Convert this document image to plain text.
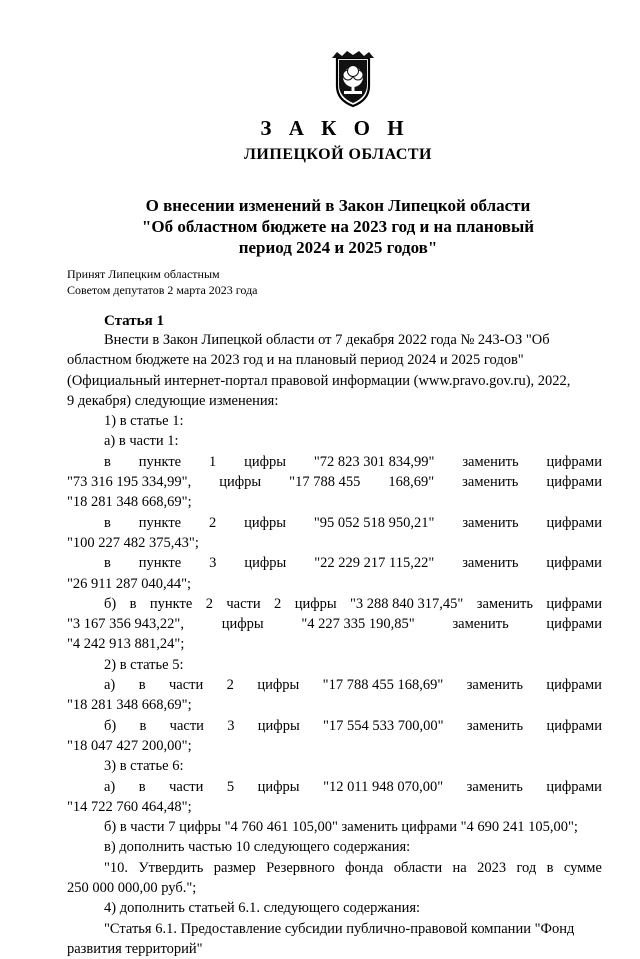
З А К О Н
ЛИПЕЦКОЙ ОБЛАСТИ
О внесении изменений в Закон Липецкой области
"Об областном бюджете на 2023 год и на плановый
период 2024 и 2025 годов"
Принят Липецким областным
Советом депутатов 2 марта 2023 года
Статья 1
Внести в Закон Липецкой области от 7 декабря 2022 года № 243-ОЗ "Об
областном бюджете на 2023 год и на плановый период 2024 и 2025 годов"
(Официальный интернет-портал правовой информации (www.pravo.gov.ru), 2022,
9 декабря) следующие изменения:
1) в статье 1:
а) в части 1:
в пункте 1 цифры "72 823 301 834,99" заменить цифрами
"73 316 195 334,99", цифры "17 788 455 168,69" заменить цифрами
"18 281 348 668,69";
в пункте 2 цифры "95 052 518 950,21" заменить цифрами
"100 227 482 375,43";
в пункте 3 цифры "22 229 217 115,22" заменить цифрами
"26 911 287 040,44";
б) в пункте 2 части 2 цифры "3 288 840 317,45" заменить цифрами
"3 167 356 943,22",	цифры	"4 227 335 190,85"	заменить	цифрами
"4 242 913 881,24";
2) в статье 5:
а) в части 2 цифры "17 788 455 168,69" заменить цифрами
"18 281 348 668,69";
б) в части 3 цифры "17 554 533 700,00" заменить цифрами
"18 047 427 200,00";
3) в статье 6:
а) в части 5 цифры "12 011 948 070,00" заменить цифрами
"14 722 760 464,48";
б) в части 7 цифры "4 760 461 105,00" заменить цифрами "4 690 241 105,00";
в) дополнить частью 10 следующего содержания:
"10. Утвердить размер Резервного фонда области на 2023 год в сумме
250 000 000,00 руб.";
4) дополнить статьей 6.1. следующего содержания:
"Статья 6.1. Предоставление субсидии публично-правовой компании "Фонд
развития территорий"
